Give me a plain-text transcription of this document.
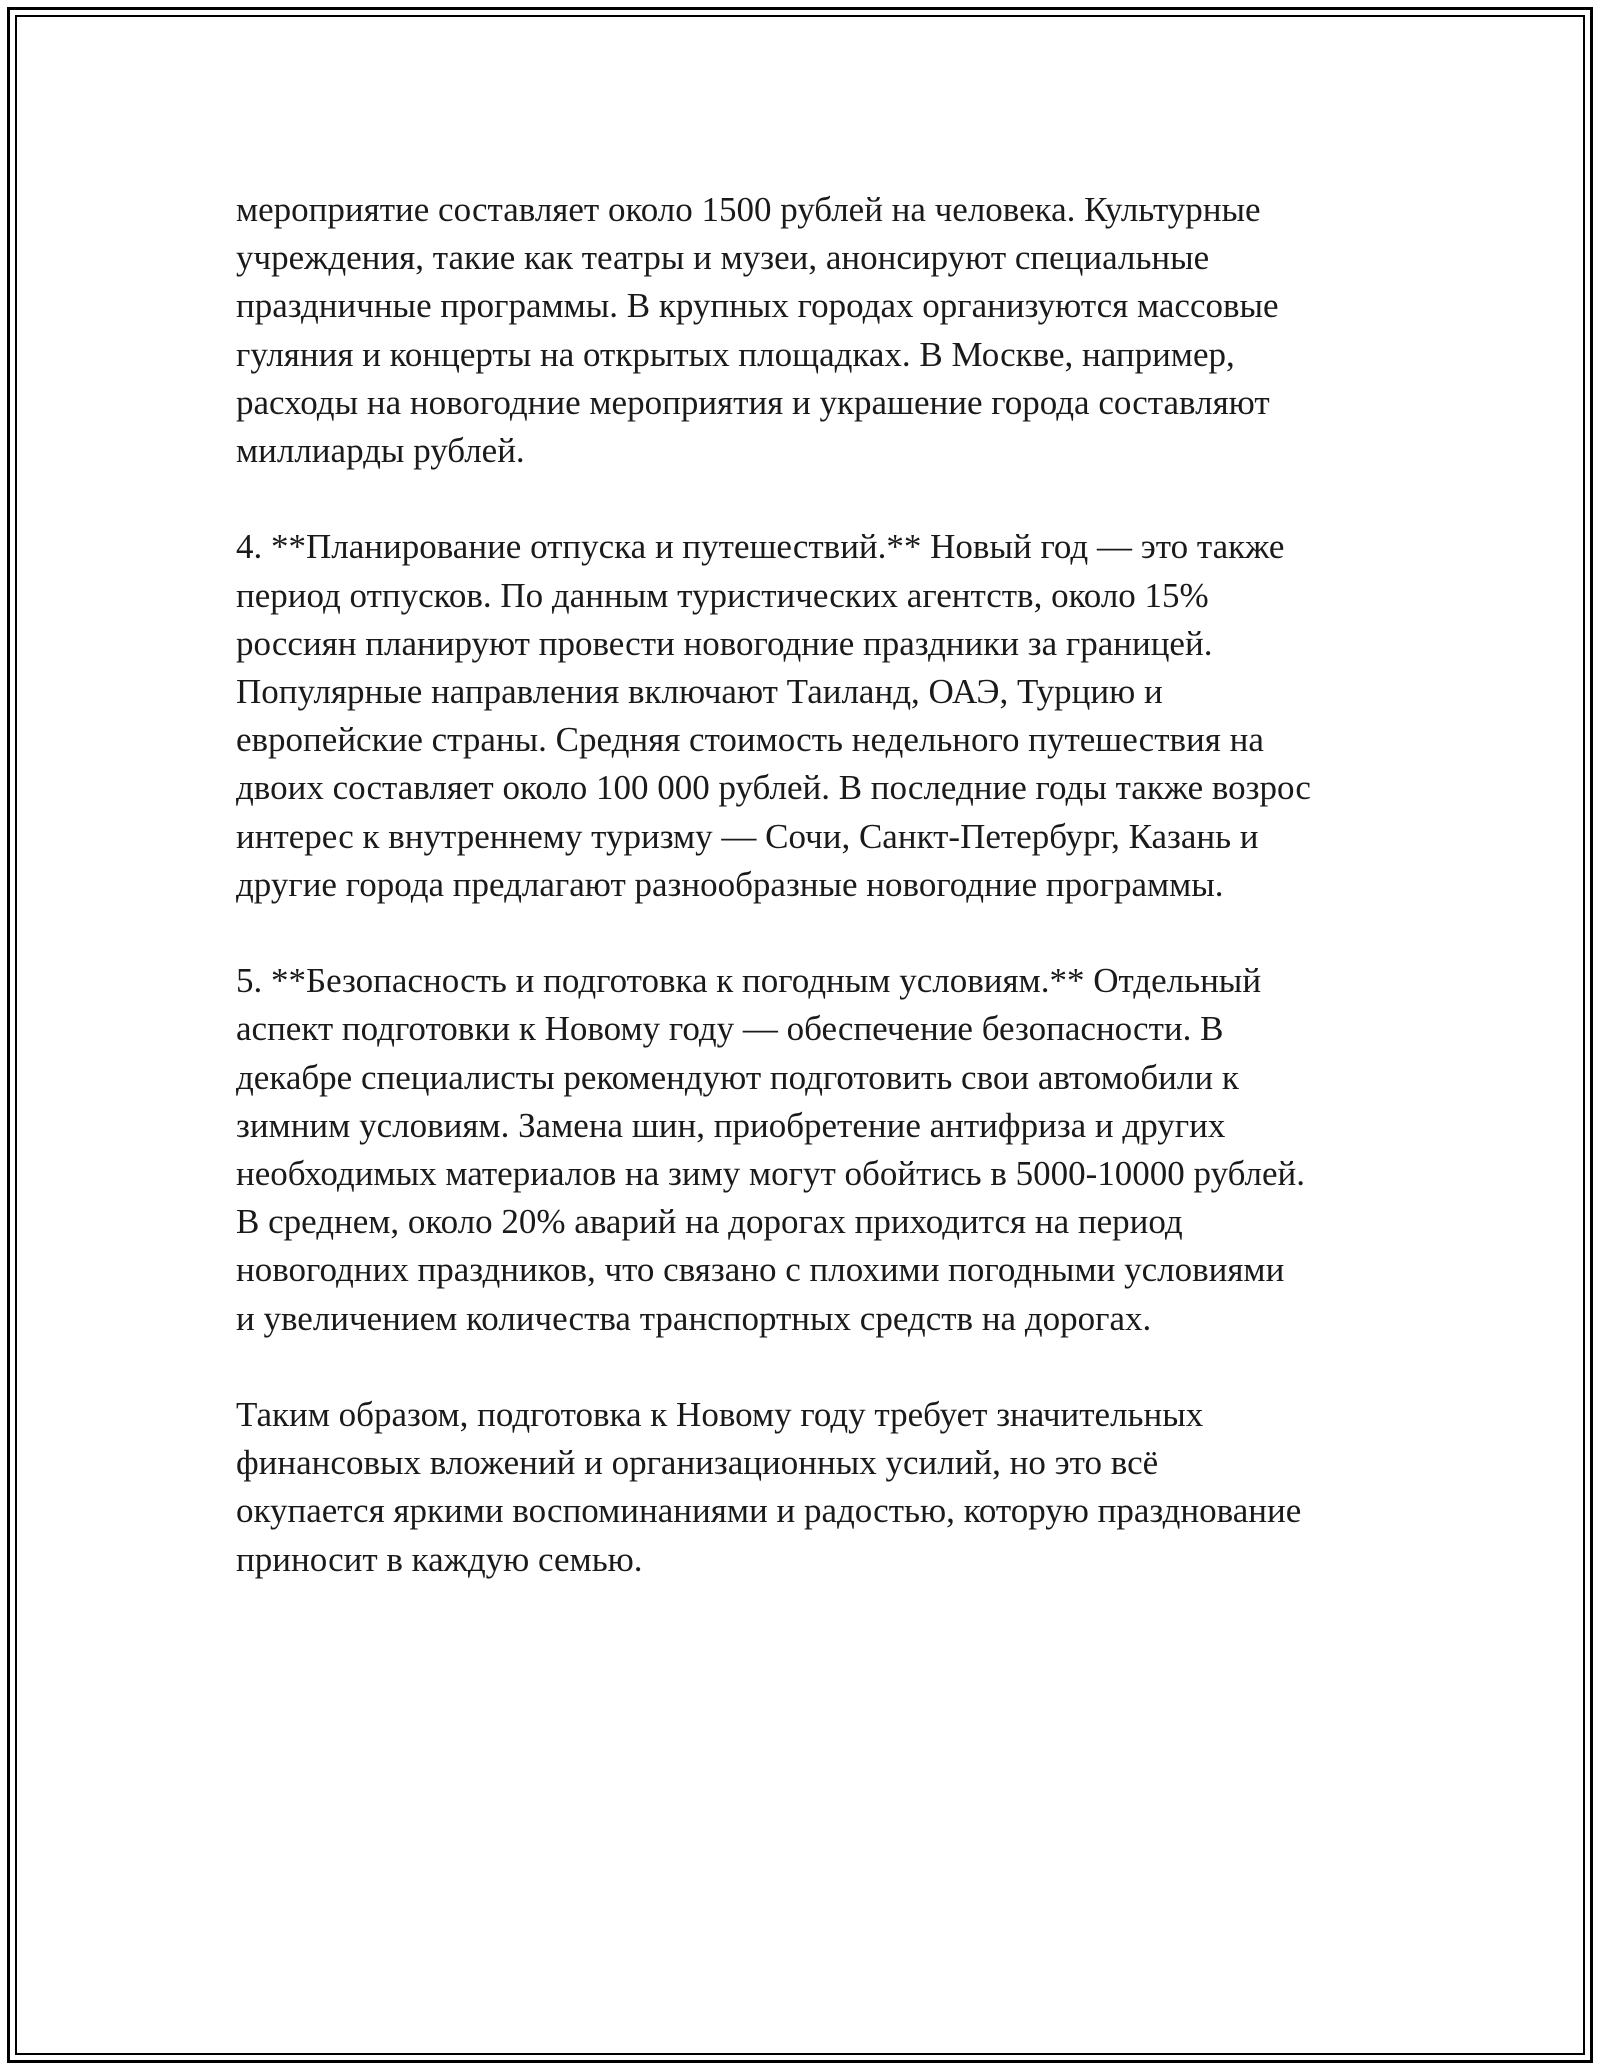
мероприятие составляет около 1500 рублей на человека. Культурные
учреждения, такие как театры и музеи, анонсируют специальные
праздничные программы. В крупных городах организуются массовые
гуляния и концерты на открытых площадках. В Москве, например,
расходы на новогодние мероприятия и украшение города составляют
миллиарды рублей.

4. **Планирование отпуска и путешествий.** Новый год — это также
период отпусков. По данным туристических агентств, около 15%
россиян планируют провести новогодние праздники за границей.
Популярные направления включают Таиланд, ОАЭ, Турцию и
европейские страны. Средняя стоимость недельного путешествия на
двоих составляет около 100 000 рублей. В последние годы также возрос
интерес к внутреннему туризму — Сочи, Санкт-Петербург, Казань и
другие города предлагают разнообразные новогодние программы.

5. **Безопасность и подготовка к погодным условиям.** Отдельный
аспект подготовки к Новому году — обеспечение безопасности. В
декабре специалисты рекомендуют подготовить свои автомобили к
зимним условиям. Замена шин, приобретение антифриза и других
необходимых материалов на зиму могут обойтись в 5000-10000 рублей.
В среднем, около 20% аварий на дорогах приходится на период
новогодних праздников, что связано с плохими погодными условиями
и увеличением количества транспортных средств на дорогах.

Таким образом, подготовка к Новому году требует значительных
финансовых вложений и организационных усилий, но это всё
окупается яркими воспоминаниями и радостью, которую празднование
приносит в каждую семью.
